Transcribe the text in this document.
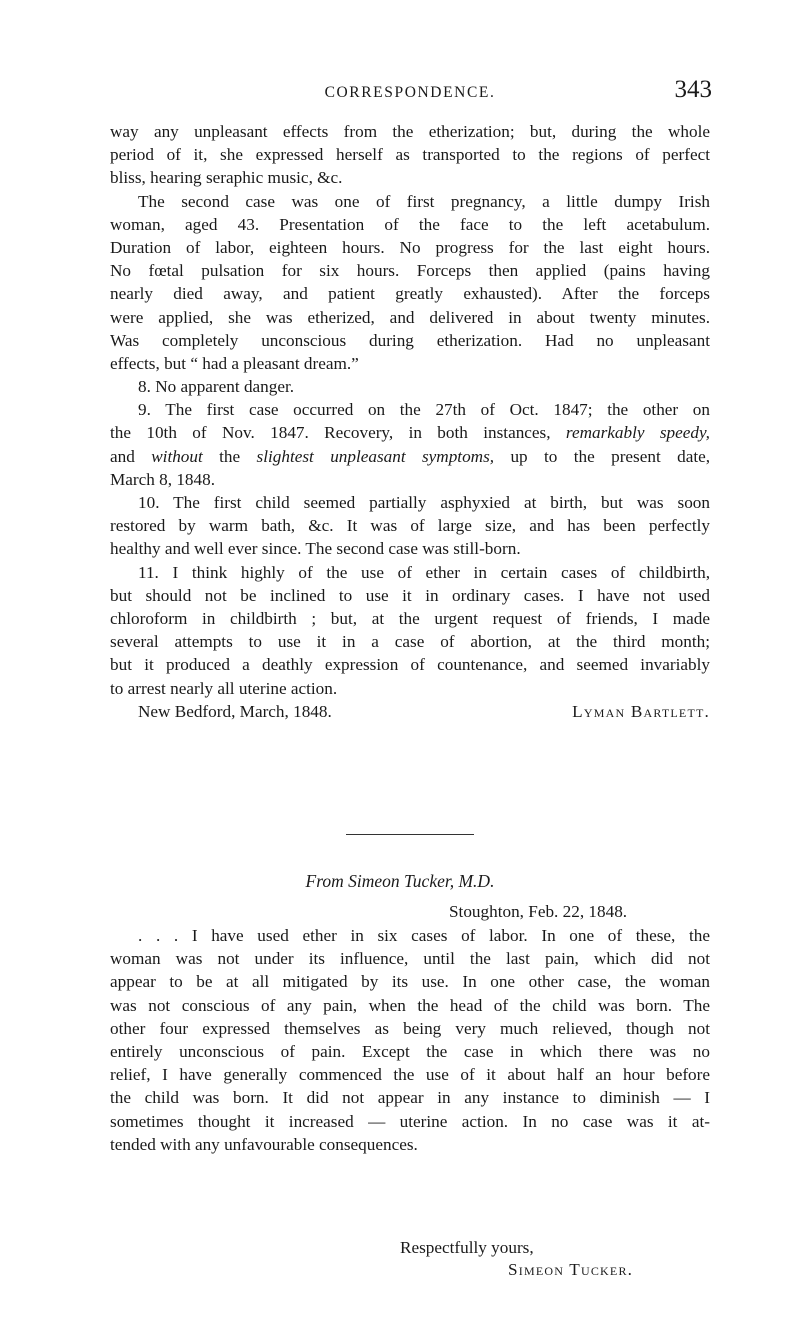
CORRESPONDENCE.	343
way any unpleasant effects from the etherization; but, during the whole
period of it, she expressed herself as transported to the regions of perfect
bliss, hearing seraphic music, &c.
The second case was one of first pregnancy, a little dumpy Irish
woman, aged 43. Presentation of the face to the left acetabulum.
Duration of labor, eighteen hours. No progress for the last eight hours.
No fœtal pulsation for six hours. Forceps then applied (pains having
nearly died away, and patient greatly exhausted). After the forceps
were applied, she was etherized, and delivered in about twenty minutes.
Was completely unconscious during etherization. Had no unpleasant
effects, but “ had a pleasant dream.”
8. No apparent danger.
9. The first case occurred on the 27th of Oct. 1847; the other on
the 10th of Nov. 1847. Recovery, in both instances, remarkably speedy,
and without the slightest unpleasant symptoms, up to the present date,
March 8, 1848.
10. The first child seemed partially asphyxied at birth, but was soon
restored by warm bath, &c. It was of large size, and has been perfectly
healthy and well ever since. The second case was still-born.
11. I think highly of the use of ether in certain cases of childbirth,
but should not be inclined to use it in ordinary cases. I have not used
chloroform in childbirth ; but, at the urgent request of friends, I made
several attempts to use it in a case of abortion, at the third month;
but it produced a deathly expression of countenance, and seemed invariably
to arrest nearly all uterine action.
New Bedford, March, 1848.	Lyman Bartlett.
From Simeon Tucker, M.D.
Stoughton, Feb. 22, 1848.
. . . I have used ether in six cases of labor. In one of these, the
woman was not under its influence, until the last pain, which did not
appear to be at all mitigated by its use. In one other case, the woman
was not conscious of any pain, when the head of the child was born. The
other four expressed themselves as being very much relieved, though not
entirely unconscious of pain. Except the case in which there was no
relief, I have generally commenced the use of it about half an hour before
the child was born. It did not appear in any instance to diminish — I
sometimes thought it increased — uterine action. In no case was it at-
tended with any unfavourable consequences.
Respectfully yours,
Simeon Tucker.
